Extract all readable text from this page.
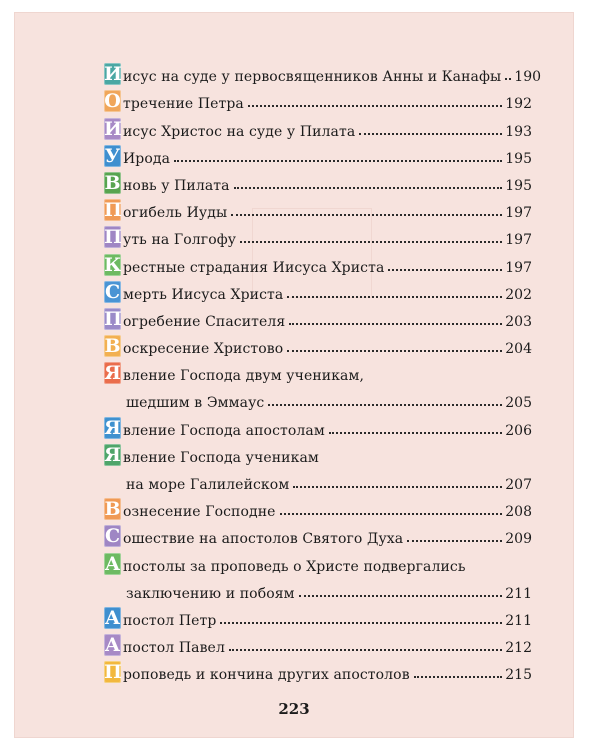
И исус на суде у первосвященников Анны и Канафы 190
О тречение Петра	192
И исус Христос на суде у Пилата	193
У Ирода	195
В новь у Пилата	195
П огибель Иуды	197
П уть на Голгофу	197
К рестные страдания Иисуса Христа	197
С мерть Иисуса Христа	202
П огребение Спасителя	203
В оскресение Христово	204
Я вление Господа двум ученикам,
шедшим в Эммаус	205
Я вление Господа апостолам	206
Я вление Господа ученикам
на море Галилейском	207
В ознесение Господне	208
С ошествие на апостолов Святого Духа	209
А постолы за проповедь о Христе подвергались
заключению и побоям	211
А постол Петр	211
А постол Павел	212
П роповедь и кончина других апостолов	215
223
